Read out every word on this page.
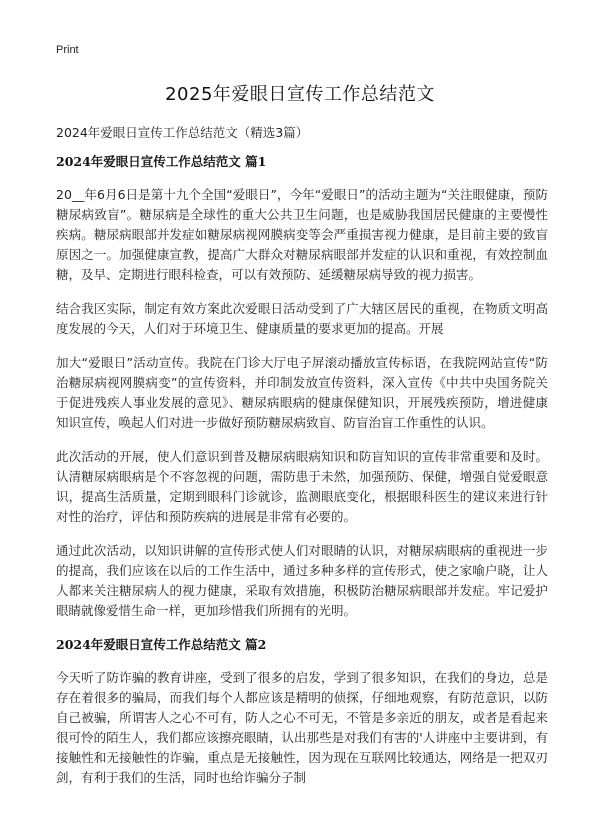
Print
2025年爱眼日宣传工作总结范文
2024年爱眼日宣传工作总结范文（精选3篇）
2024年爱眼日宣传工作总结范文 篇1

20__年6月6日是第十九个全国“爱眼日”，今年“爱眼日”的活动主题为“关注眼健康，预防糖尿病致盲”。糖尿病是全球性的重大公共卫生问题，也是威胁我国居民健康的主要慢性疾病。糖尿病眼部并发症如糖尿病视网膜病变等会严重损害视力健康，是目前主要的致盲原因之一。加强健康宣教，提高广大群众对糖尿病眼部并发症的认识和重视，有效控制血糖，及早、定期进行眼科检查，可以有效预防、延缓糖尿病导致的视力损害。

结合我区实际，制定有效方案此次爱眼日活动受到了广大辖区居民的重视，在物质文明高度发展的今天，人们对于环境卫生、健康质量的要求更加的提高。开展

加大“爱眼日”活动宣传。我院在门诊大厅电子屏滚动播放宣传标语，在我院网站宣传“防治糖尿病视网膜病变”的宣传资料，并印制发放宣传资料，深入宣传《中共中央国务院关于促进残疾人事业发展的意见》、糖尿病眼病的健康保健知识，开展残疾预防，增进健康知识宣传，唤起人们对进一步做好预防糖尿病致盲、防盲治盲工作重性的认识。

此次活动的开展，使人们意识到普及糖尿病眼病知识和防盲知识的宣传非常重要和及时。认清糖尿病眼病是个不容忽视的问题，需防患于未然，加强预防、保健，增强自觉爱眼意识，提高生活质量，定期到眼科门诊就诊，监测眼底变化，根据眼科医生的建议来进行针对性的治疗，评估和预防疾病的进展是非常有必要的。

通过此次活动，以知识讲解的宣传形式使人们对眼睛的认识，对糖尿病眼病的重视进一步的提高，我们应该在以后的工作生活中，通过多种多样的宣传形式，使之家喻户晓，让人人都来关注糖尿病人的视力健康，采取有效措施，积极防治糖尿病眼部并发症。牢记爱护眼睛就像爱惜生命一样，更加珍惜我们所拥有的光明。

2024年爱眼日宣传工作总结范文 篇2

今天听了防诈骗的教育讲座，受到了很多的启发，学到了很多知识，在我们的身边，总是存在着很多的骗局，而我们每个人都应该是精明的侦探，仔细地观察，有防范意识，以防自己被骗，所谓害人之心不可有，防人之心不可无，不管是多亲近的朋友，或者是看起来很可怜的陌生人，我们都应该擦亮眼睛，认出那些是对我们有害的'人讲座中主要讲到，有接触性和无接触性的诈骗，重点是无接触性，因为现在互联网比较通达，网络是一把双刃剑，有利于我们的生活，同时也给诈骗分子制
